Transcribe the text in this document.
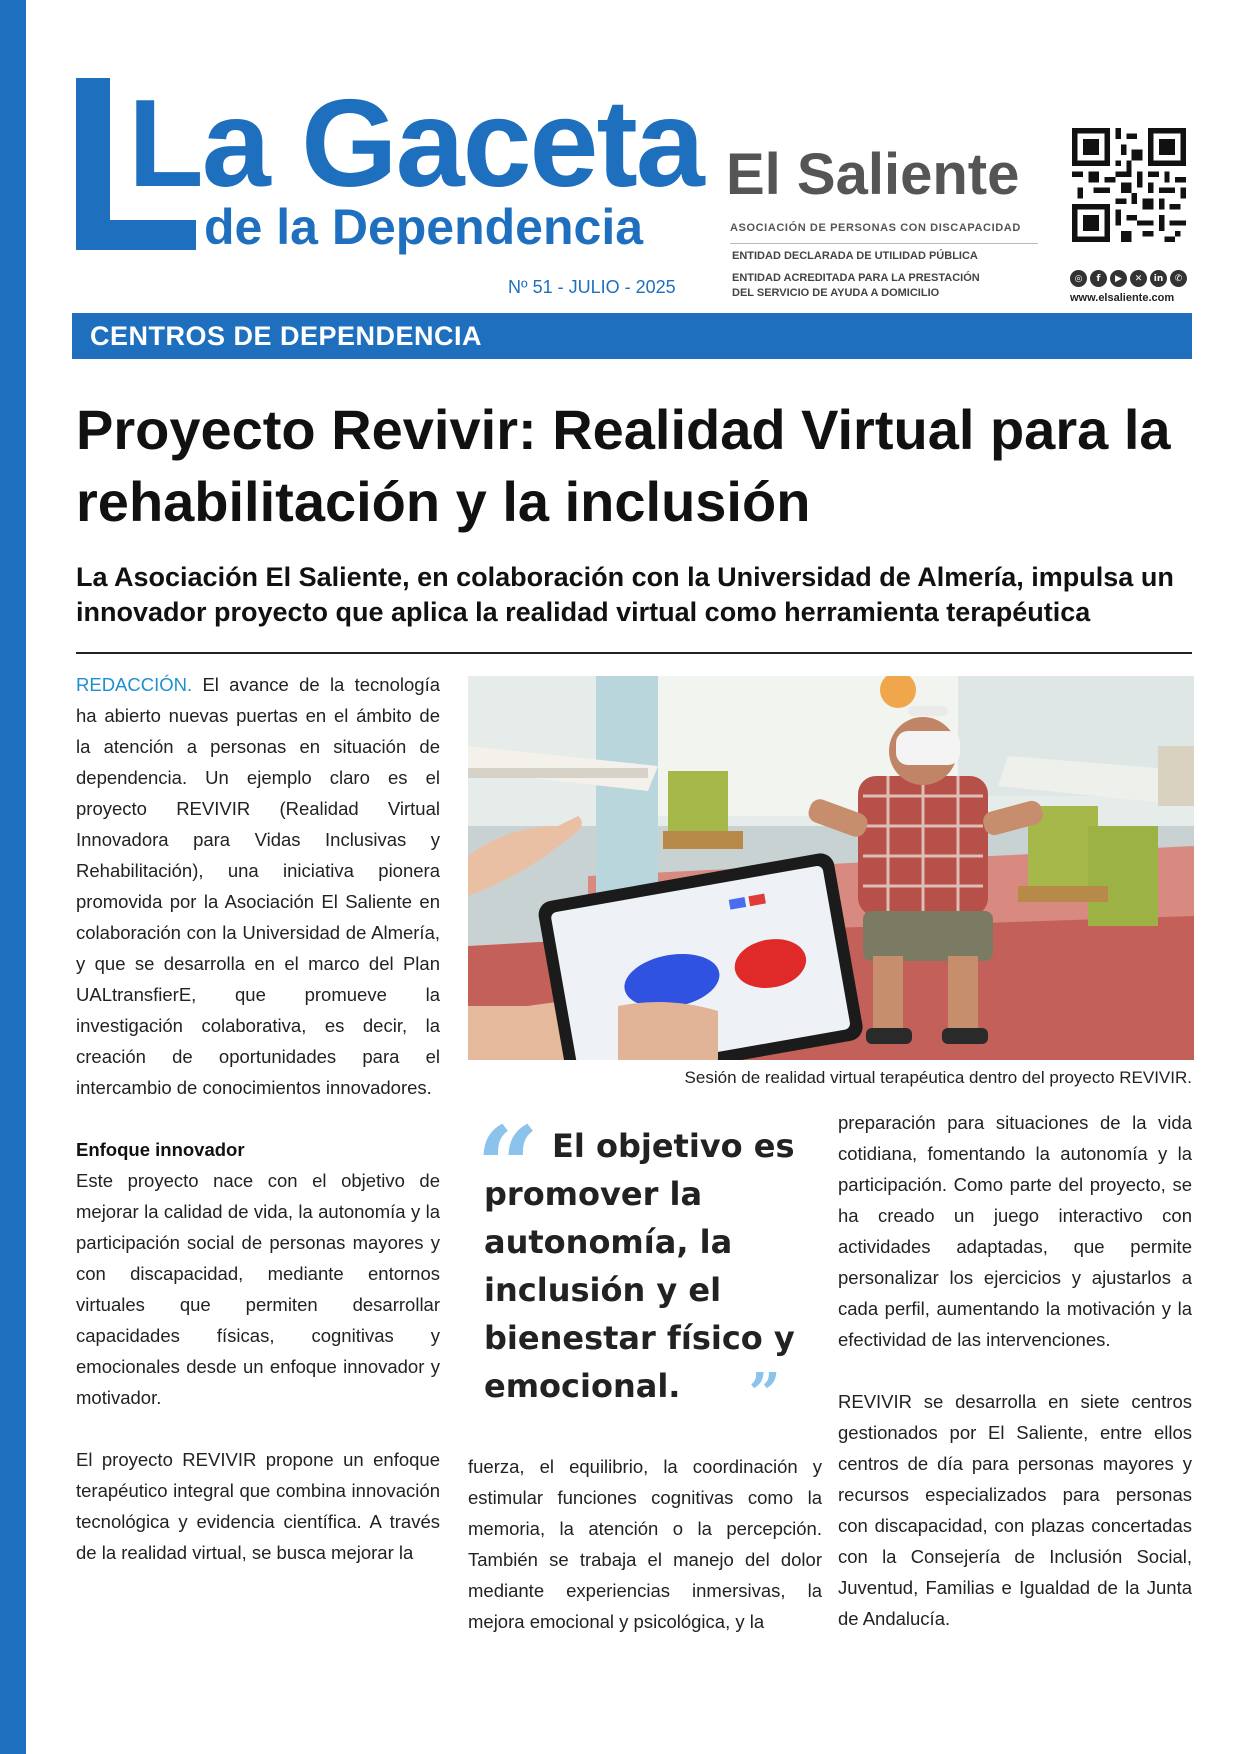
La Gaceta
de la Dependencia
Nº 51 - JULIO - 2025
El Saliente
ASOCIACIÓN DE PERSONAS CON DISCAPACIDAD
ENTIDAD DECLARADA DE UTILIDAD PÚBLICA
ENTIDAD ACREDITADA PARA LA PRESTACIÓN
DEL SERVICIO DE AYUDA A DOMICILIO
◎	f	▶	✕	in	✆
www.elsaliente.com
CENTROS DE DEPENDENCIA
Proyecto Revivir: Realidad Virtual para la rehabilitación y la inclusión
La Asociación El Saliente, en colaboración con la Universidad de Almería, impulsa un innovador proyecto que aplica la realidad virtual como herramienta terapéutica

REDACCIÓN. El avance de la tecnología ha abierto nuevas puertas en el ámbito de la atención a personas en situación de dependencia. Un ejemplo claro es el proyecto REVIVIR (Realidad Virtual Innovadora para Vidas Inclusivas y Rehabilitación), una iniciativa pionera promovida por la Asociación El Saliente en colaboración con la Universidad de Almería, y que se desarrolla en el marco del Plan UALtransfierE, que promueve la investigación colaborativa, es decir, la creación de oportunidades para el intercambio de conocimientos innovadores.

Enfoque innovador

Este proyecto nace con el objetivo de mejorar la calidad de vida, la autonomía y la participación social de personas mayores y con discapacidad, mediante entornos virtuales que permiten desarrollar capacidades físicas, cognitivas y emocionales desde un enfoque innovador y motivador.

El proyecto REVIVIR propone un enfoque terapéutico integral que combina innovación tecnológica y evidencia científica. A través de la realidad virtual, se busca mejorar la

Sesión de realidad virtual terapéutica dentro del proyecto REVIVIR.
“ El objetivo es promover la autonomía, la inclusión y el bienestar físico y emocional. ”

fuerza, el equilibrio, la coordinación y estimular funciones cognitivas como la memoria, la atención o la percepción. También se trabaja el manejo del dolor mediante experiencias inmersivas, la mejora emocional y psicológica, y la

preparación para situaciones de la vida cotidiana, fomentando la autonomía y la participación. Como parte del proyecto, se ha creado un juego interactivo con actividades adaptadas, que permite personalizar los ejercicios y ajustarlos a cada perfil, aumentando la motivación y la efectividad de las intervenciones.

REVIVIR se desarrolla en siete centros gestionados por El Saliente, entre ellos centros de día para personas mayores y recursos especializados para personas con discapacidad, con plazas concertadas con la Consejería de Inclusión Social, Juventud, Familias e Igualdad de la Junta de Andalucía.
